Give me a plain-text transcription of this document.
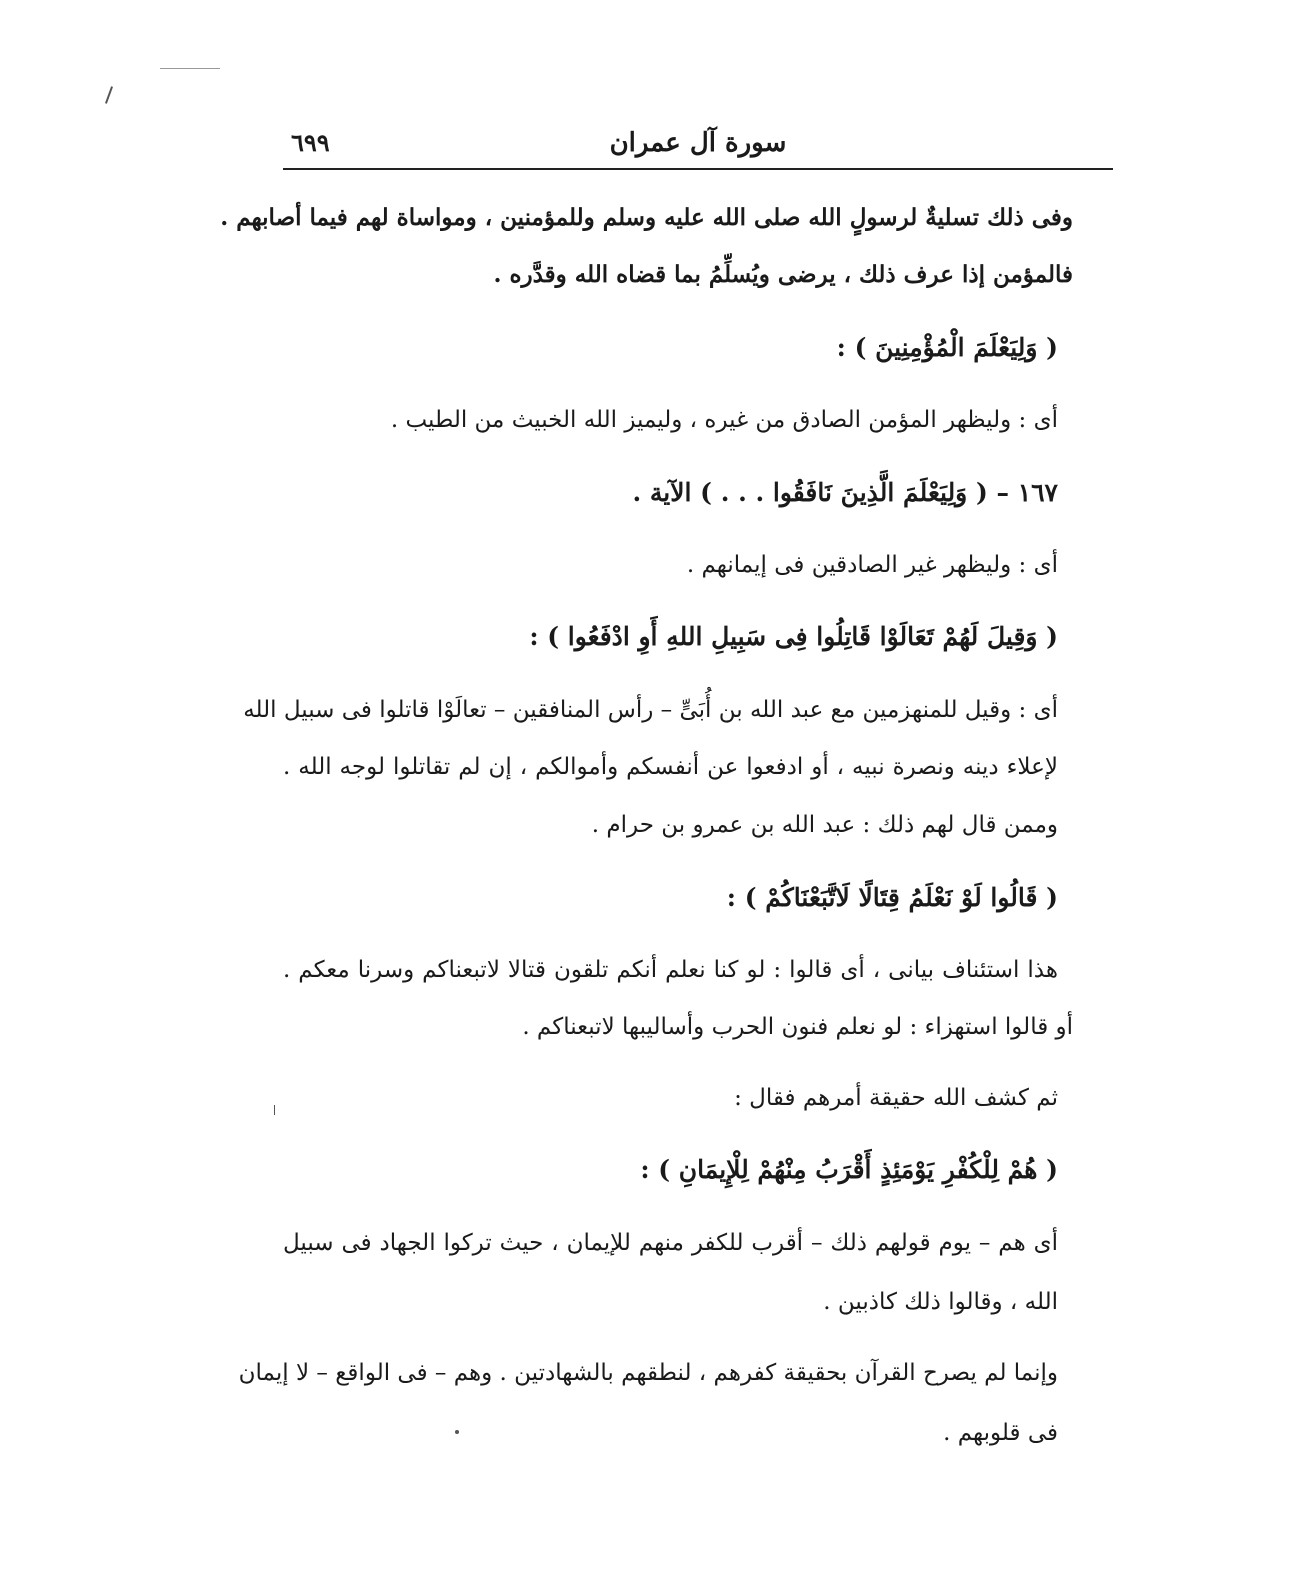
سورة آل عمران
٦٩٩
وفى ذلك تسليةٌ لرسولٍ الله صلى الله عليه وسلم وللمؤمنين ، ومواساة لهم فيما أصابهم .
فالمؤمن إذا عرف ذلك ، يرضى ويُسلِّمُ بما قضاه الله وقدَّره .
( وَلِيَعْلَمَ الْمُؤْمِنِينَ ) :
أى : وليظهر المؤمن الصادق من غيره ، وليميز الله الخبيث من الطيب .
١٦٧ – ( وَلِيَعْلَمَ الَّذِينَ نَافَقُوا . . . ) الآية .
أى : وليظهر غير الصادقين فى إيمانهم .
( وَقِيلَ لَهُمْ تَعَالَوْا قَاتِلُوا فِى سَبِيلِ اللهِ أَوِ ادْفَعُوا ) :
أى : وقيل للمنهزمين مع عبد الله بن أُبَىٍّ – رأس المنافقين – تعالَوْا قاتلوا فى سبيل الله
لإعلاء دينه ونصرة نبيه ، أو ادفعوا عن أنفسكم وأموالكم ، إن لم تقاتلوا لوجه الله .
وممن قال لهم ذلك : عبد الله بن عمرو بن حرام .
( قَالُوا لَوْ نَعْلَمُ قِتَالًا لَاتَّبَعْنَاكُمْ ) :
هذا استئناف بيانى ، أى قالوا : لو كنا نعلم أنكم تلقون قتالا لاتبعناكم وسرنا معكم .
أو قالوا استهزاء : لو نعلم فنون الحرب وأساليبها لاتبعناكم .
ثم كشف الله حقيقة أمرهم فقال :
( هُمْ لِلْكُفْرِ يَوْمَئِذٍ أَقْرَبُ مِنْهُمْ لِلْإِيمَانِ ) :
أى هم – يوم قولهم ذلك – أقرب للكفر منهم للإيمان ، حيث تركوا الجهاد فى سبيل
الله ، وقالوا ذلك كاذبين .
وإنما لم يصرح القرآن بحقيقة كفرهم ، لنطقهم بالشهادتين . وهم – فى الواقع – لا إيمان
فى قلوبهم .
